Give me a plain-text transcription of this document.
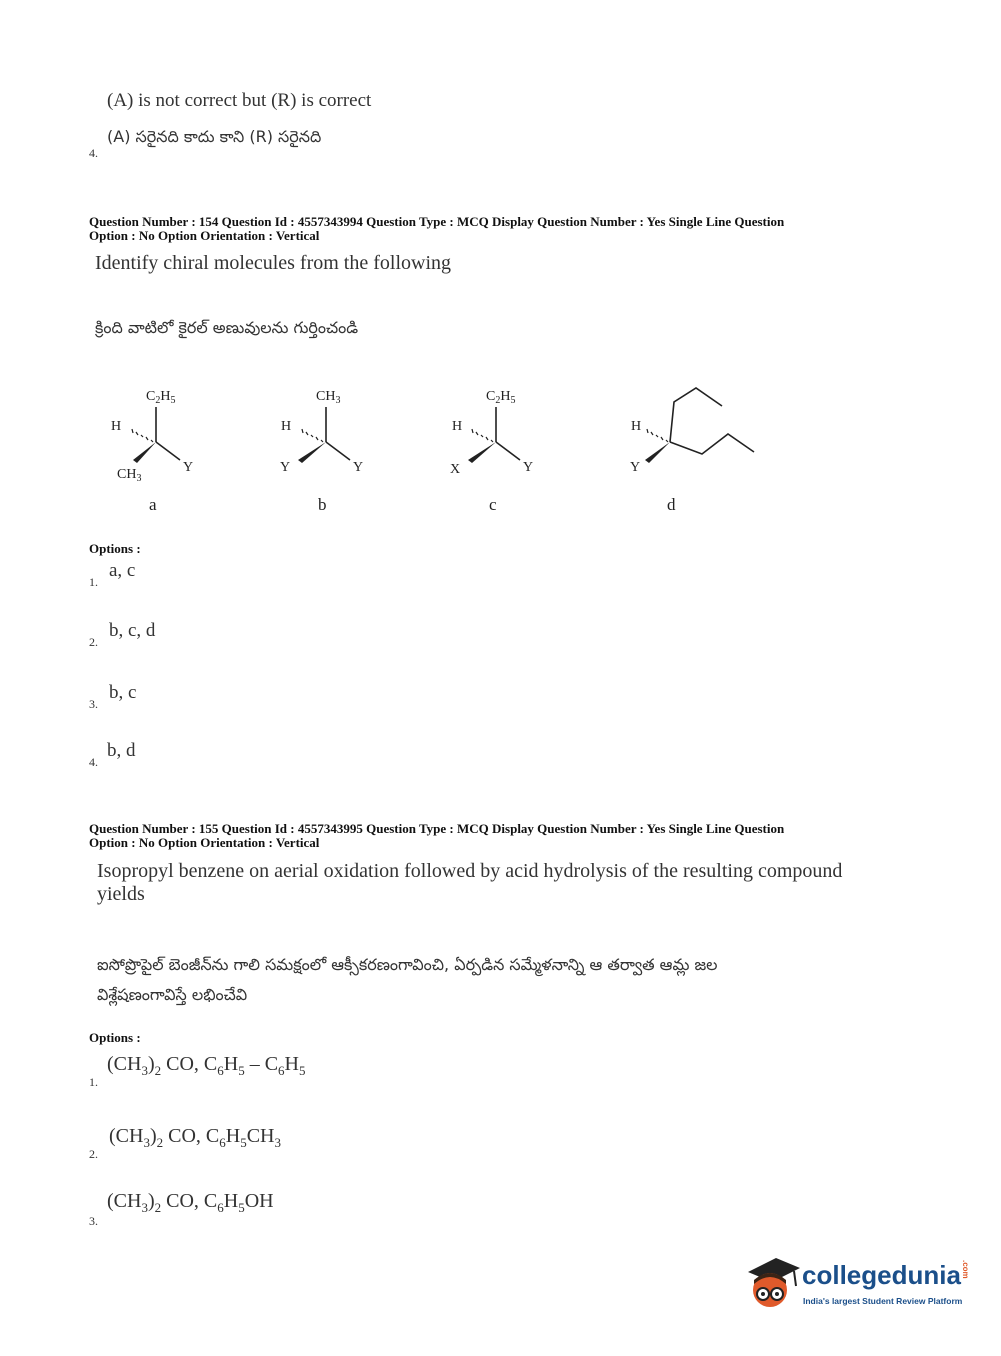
(A) is not correct but (R) is correct
(A) సరైనది కాదు కాని (R) సరైనది
4.
Question Number : 154 Question Id : 4557343994 Question Type : MCQ Display Question Number : Yes Single Line Question
Option : No Option Orientation : Vertical
Identify chiral molecules from the following
క్రింది వాటిలో కైరల్ అణువులను గుర్తించండి
$C_2H_5$
H
$CH_3$
Y
a
$CH_3$
H
Y	Y
b
$C_2H_5$
H
X	Y
c
H
Y
d
Options :
1.
a, c
2.
b, c, d
3.
b, c
4.
b, d
Question Number : 155 Question Id : 4557343995 Question Type : MCQ Display Question Number : Yes Single Line Question
Option : No Option Orientation : Vertical
Isopropyl benzene on aerial oxidation followed by acid hydrolysis of the resulting compound
yields
ఐసోప్రొపైల్ బెంజీన్‌ను గాలి సమక్షంలో ఆక్సీకరణంగావించి, ఏర్పడిన సమ్మేళనాన్ని ఆ తర్వాత ఆమ్ల జల
విశ్లేషణంగావిస్తే లభించేవి
Options :
1.
$(CH_3)_2$ CO, $C_6H_5 - C_6H_5$
2.
$(CH_3)_2$ CO, $C_6H_5CH_3$
3.
$(CH_3)_2$ CO, $C_6H_5OH$
collegedunia.com
India's largest Student Review Platform
